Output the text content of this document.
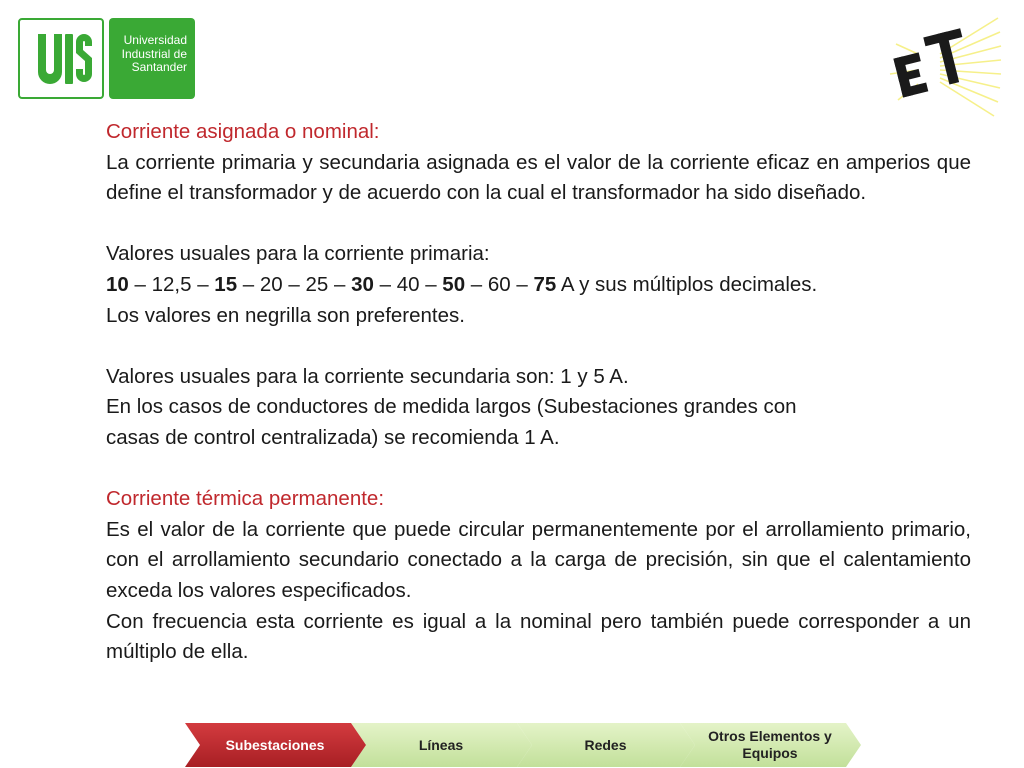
UIS
Universidad
Industrial de
Santander
ET

Corriente asignada o nominal:

La corriente primaria y secundaria asignada es el valor de la corriente eficaz en amperios que define el transformador y de acuerdo con la cual el transformador ha sido diseñado.

Valores usuales para la corriente primaria:

10 – 12,5 – 15 – 20 – 25 – 30 – 40 – 50 – 60 – 75 A y sus múltiplos decimales.

Los valores en negrilla son preferentes.

Valores usuales para la corriente secundaria son: 1 y 5 A.

En los casos de conductores de medida largos (Subestaciones grandes con

casas de control centralizada) se recomienda 1 A.

Corriente térmica permanente:

Es el valor de la corriente que puede circular permanentemente por el arrollamiento primario, con el arrollamiento secundario conectado a la carga de precisión, sin que el calentamiento exceda los valores especificados.

Con frecuencia esta corriente es igual a la nominal pero también puede corresponder a un múltiplo de ella.

Subestaciones	Líneas	Redes
Otros Elementos y Equipos
